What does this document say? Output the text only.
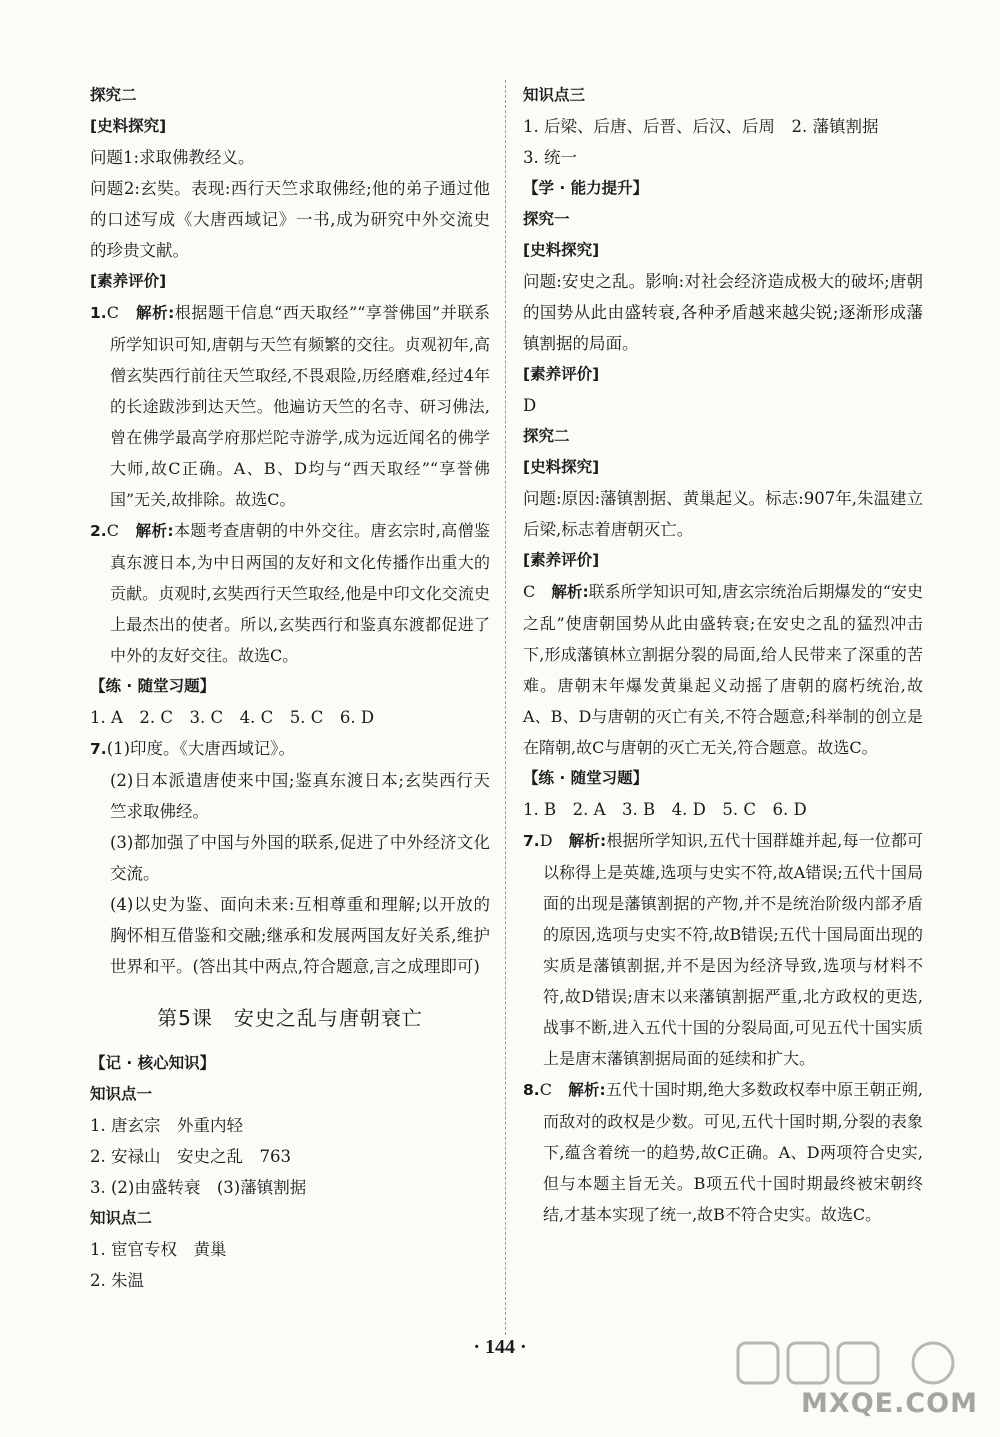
探究二

[史料探究]

问题1:求取佛教经义。

问题2:玄奘。表现:西行天竺求取佛经;他的弟子通过他的口述写成《大唐西域记》一书,成为研究中外交流史的珍贵文献。

[素养评价]

1.C　 解析:根据题干信息“西天取经”“享誉佛国”并联系所学知识可知,唐朝与天竺有频繁的交往。贞观初年,高僧玄奘西行前往天竺取经,不畏艰险,历经磨难,经过4年的长途跋涉到达天竺。他遍访天竺的名寺、研习佛法,曾在佛学最高学府那烂陀寺游学,成为远近闻名的佛学大师,故C正确。A、B、D均与“西天取经”“享誉佛国”无关,故排除。故选C。

2.C　 解析:本题考查唐朝的中外交往。唐玄宗时,高僧鉴真东渡日本,为中日两国的友好和文化传播作出重大的贡献。贞观时,玄奘西行天竺取经,他是中印文化交流史上最杰出的使者。所以,玄奘西行和鉴真东渡都促进了中外的友好交往。故选C。

【练 · 随堂习题】

1. A　2. C　3. C　4. C　5. C　6. D

7.(1)印度。《大唐西域记》。

(2)日本派遣唐使来中国;鉴真东渡日本;玄奘西行天竺求取佛经。

(3)都加强了中国与外国的联系,促进了中外经济文化交流。

(4)以史为鉴、面向未来:互相尊重和理解;以开放的胸怀相互借鉴和交融;继承和发展两国友好关系,维护世界和平。(答出其中两点,符合题意,言之成理即可)

第5课　安史之乱与唐朝衰亡

【记 · 核心知识】

知识点一

1. 唐玄宗　外重内轻

2. 安禄山　安史之乱　763

3. (2)由盛转衰　(3)藩镇割据

知识点二

1. 宦官专权　黄巢

2. 朱温

知识点三

1. 后梁、后唐、后晋、后汉、后周　2. 藩镇割据

3. 统一

【学 · 能力提升】

探究一

[史料探究]

问题:安史之乱。影响:对社会经济造成极大的破坏;唐朝的国势从此由盛转衰,各种矛盾越来越尖锐;逐渐形成藩镇割据的局面。

[素养评价]

D

探究二

[史料探究]

问题:原因:藩镇割据、黄巢起义。标志:907年,朱温建立后梁,标志着唐朝灭亡。

[素养评价]

C　 解析:联系所学知识可知,唐玄宗统治后期爆发的“安史之乱”使唐朝国势从此由盛转衰;在安史之乱的猛烈冲击下,形成藩镇林立割据分裂的局面,给人民带来了深重的苦难。唐朝末年爆发黄巢起义动摇了唐朝的腐朽统治,故A、B、D与唐朝的灭亡有关,不符合题意;科举制的创立是在隋朝,故C与唐朝的灭亡无关,符合题意。故选C。

【练 · 随堂习题】

1. B　2. A　3. B　4. D　5. C　6. D

7.D　 解析:根据所学知识,五代十国群雄并起,每一位都可以称得上是英雄,选项与史实不符,故A错误;五代十国局面的出现是藩镇割据的产物,并不是统治阶级内部矛盾的原因,选项与史实不符,故B错误;五代十国局面出现的实质是藩镇割据,并不是因为经济导致,选项与材料不符,故D错误;唐末以来藩镇割据严重,北方政权的更迭,战事不断,进入五代十国的分裂局面,可见五代十国实质上是唐末藩镇割据局面的延续和扩大。

8.C　 解析:五代十国时期,绝大多数政权奉中原王朝正朔,而敌对的政权是少数。可见,五代十国时期,分裂的表象下,蕴含着统一的趋势,故C正确。A、D两项符合史实,但与本题主旨无关。B项五代十国时期最终被宋朝终结,才基本实现了统一,故B不符合史实。故选C。

· 144 ·
MXQE.COM
